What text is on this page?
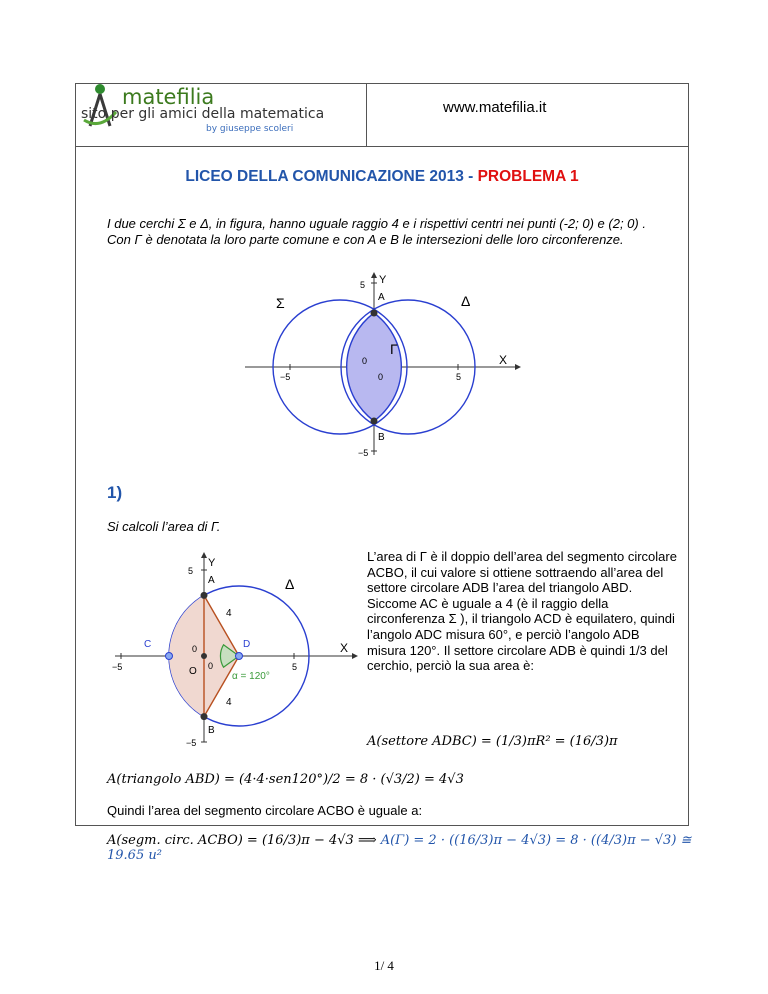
matefilia
sito per gli amici della matematica
by giuseppe scoleri
www.matefilia.it
LICEO DELLA COMUNICAZIONE 2013 - PROBLEMA 1
I due cerchi Σ e Δ, in figura, hanno uguale raggio 4 e i rispettivi centri nei punti (-2; 0) e (2; 0) . Con Γ è denotata la loro parte comune e con A e B le intersezioni delle loro circonferenze.
Y
X
A
B
Σ	Δ
Γ
5
−5
−5	5
0
0
1)
Si calcoli l’area di Γ.
Y
X
A
B
C	D
O
Δ
4
4
α = 120°
5
−5
−5	5
0
0
L’area di Γ è il doppio dell’area del segmento circolare ACBO, il cui valore si ottiene sottraendo all’area del settore circolare ADB l’area del triangolo ABD. Siccome AC è uguale a 4 (è il raggio della circonferenza Σ ), il triangolo ACD è equilatero, quindi l’angolo ADC misura 60°, e perciò l’angolo ADB misura 120°. Il settore circolare ADB è quindi 1/3 del cerchio, perciò la sua area è:
A(settore ADBC) = (1/3)πR² = (16/3)π
A(triangolo ABD) = (4·4·sen120°)/2 = 8 · (√3/2) = 4√3
Quindi l’area del segmento circolare ACBO è uguale a:
A(segm. circ. ACBO) = (16/3)π − 4√3 ⟹ A(Γ) = 2 · ((16/3)π − 4√3) = 8 · ((4/3)π − √3) ≅ 19.65 u²
1/ 4
